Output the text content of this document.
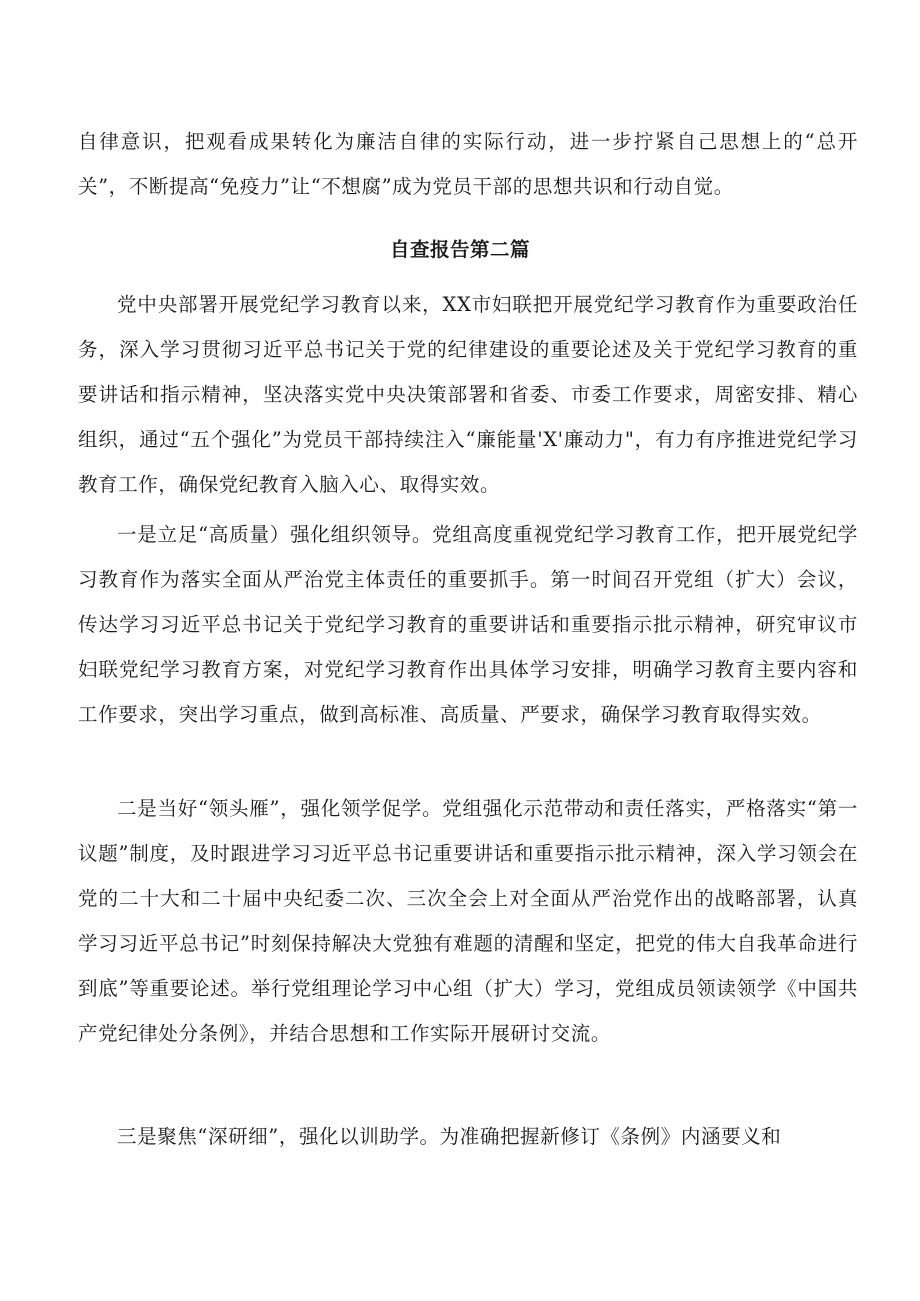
自律意识，把观看成果转化为廉洁自律的实际行动，进一步拧紧自己思想上的“总开关”，不断提高“免疫力”让“不想腐”成为党员干部的思想共识和行动自觉。

自查报告第二篇

党中央部署开展党纪学习教育以来，XX市妇联把开展党纪学习教育作为重要政治任务，深入学习贯彻习近平总书记关于党的纪律建设的重要论述及关于党纪学习教育的重要讲话和指示精神，坚决落实党中央决策部署和省委、市委工作要求，周密安排、精心组织，通过“五个强化”为党员干部持续注入“廉能量'X'廉动力"，有力有序推进党纪学习教育工作，确保党纪教育入脑入心、取得实效。

一是立足“高质量）强化组织领导。党组高度重视党纪学习教育工作，把开展党纪学习教育作为落实全面从严治党主体责任的重要抓手。第一时间召开党组（扩大）会议，传达学习习近平总书记关于党纪学习教育的重要讲话和重要指示批示精神，研究审议市妇联党纪学习教育方案，对党纪学习教育作出具体学习安排，明确学习教育主要内容和工作要求，突出学习重点，做到高标准、高质量、严要求，确保学习教育取得实效。

二是当好“领头雁”，强化领学促学。党组强化示范带动和责任落实，严格落实“第一议题”制度，及时跟进学习习近平总书记重要讲话和重要指示批示精神，深入学习领会在党的二十大和二十届中央纪委二次、三次全会上对全面从严治党作出的战略部署，认真学习习近平总书记”时刻保持解决大党独有难题的清醒和坚定，把党的伟大自我革命进行到底”等重要论述。举行党组理论学习中心组（扩大）学习，党组成员领读领学《中国共产党纪律处分条例》，并结合思想和工作实际开展研讨交流。

三是聚焦“深研细”，强化以训助学。为准确把握新修订《条例》内涵要义和
